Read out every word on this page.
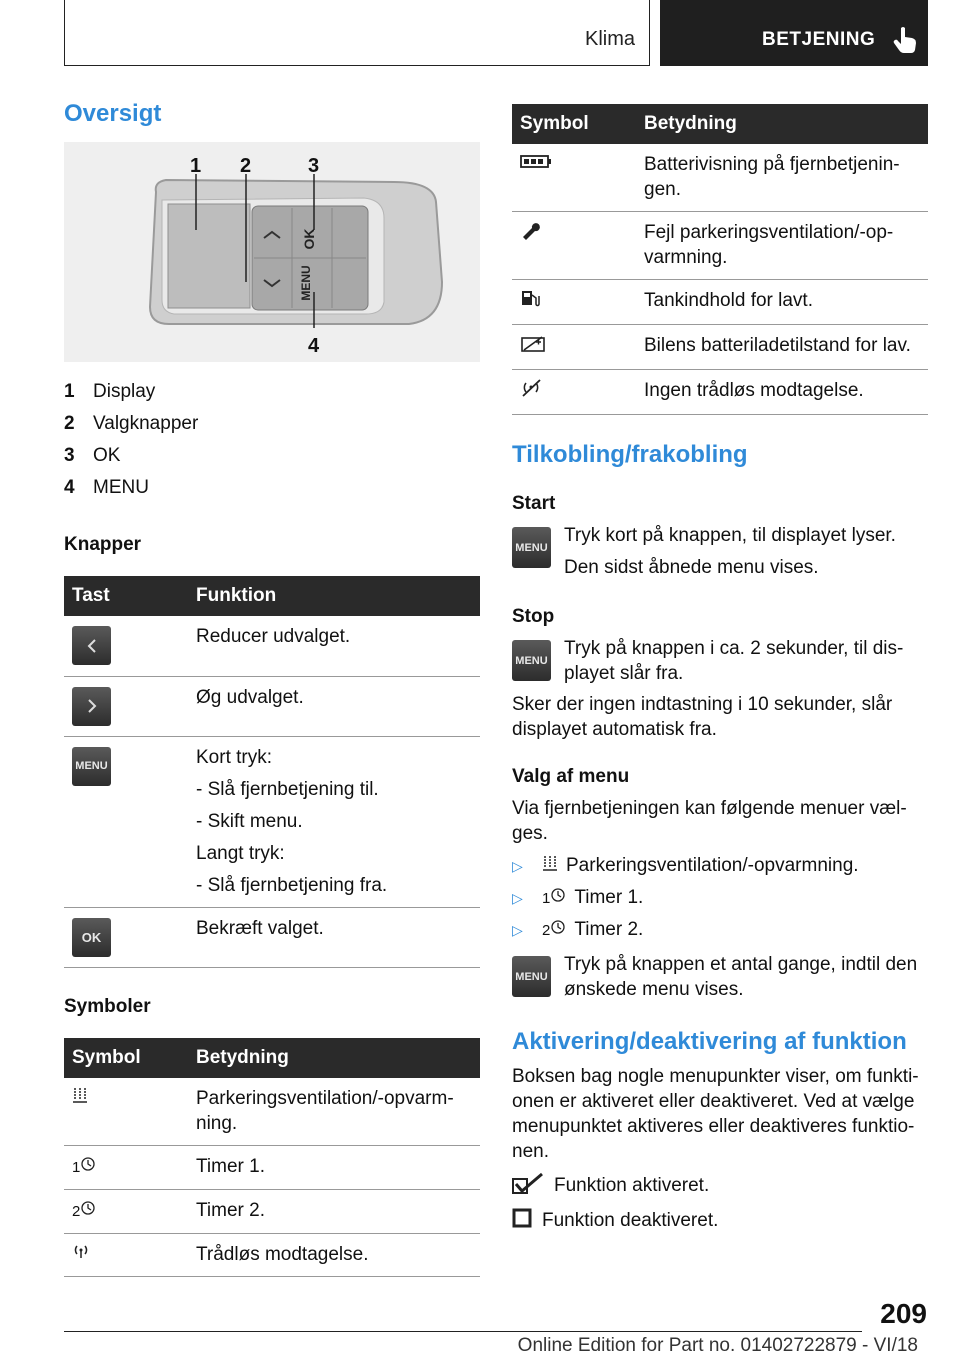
Klima	BETJENING
Oversigt
OK
MENU
1 2	3
4
1 Display
2 Valgknapper
3 OK
4 MENU
Knapper
Tast	Funktion

	Reducer udvalget.

	Øg udvalget.

MENU	Kort tryk:
- Slå fjernbetjening til.
- Skift menu.
Langt tryk:
- Slå fjernbetjening fra.

OK	Bekræft valget.
Symboler
Symbol	Betydning
	Parkeringsventilation/-opvarm-ning.
1	Timer 1.
2	Timer 2.
	Trådløs modtagelse.
Symbol	Betydning
	Batterivisning på fjernbetjenin-gen.
	Fejl parkeringsventilation/-op-varmning.
	Tankindhold for lavt.
	Bilens batteriladetilstand for lav.
	Ingen trådløs modtagelse.
Tilkobling/frakobling
Start
MENU
Tryk kort på knappen, til displayet lyser.
Den sidst åbnede menu vises.
Stop
MENU
Tryk på knappen i ca. 2 sekunder, til dis-playet slår fra.

Sker der ingen indtastning i 10 sekunder, slår displayet automatisk fra.

Valg af menu

Via fjernbetjeningen kan følgende menuer væl-ges.

▷	Parkeringsventilation/-opvarmning.
▷	1 Timer 1.
▷	2 Timer 2.
MENU
Tryk på knappen et antal gange, indtil den ønskede menu vises.
Aktivering/deaktivering af funktion

Boksen bag nogle menupunkter viser, om funkti-onen er aktiveret eller deaktiveret. Ved at vælge menupunktet aktiveres eller deaktiveres funktio-nen.

Funktion aktiveret.
Funktion deaktiveret.
209
Online Edition for Part no. 01402722879 - VI/18
